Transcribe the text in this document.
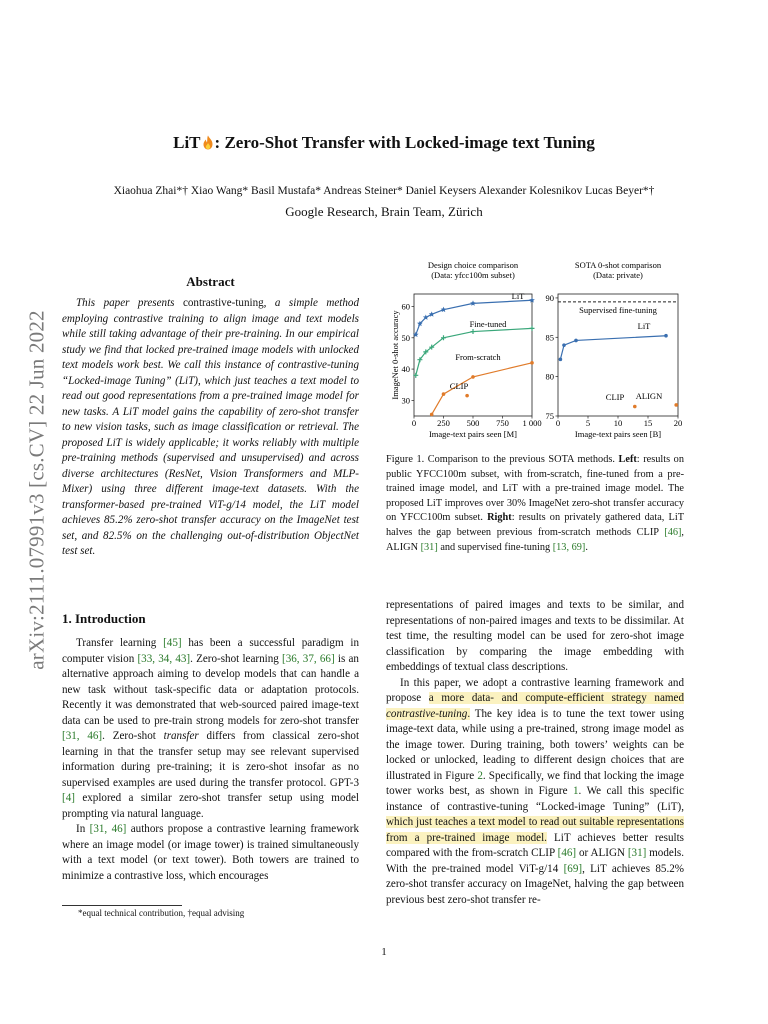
arXiv:2111.07991v3 [cs.CV] 22 Jun 2022
LiT : Zero-Shot Transfer with Locked-image text Tuning
Xiaohua Zhai*† Xiao Wang* Basil Mustafa* Andreas Steiner* Daniel Keysers Alexander Kolesnikov Lucas Beyer*†
Google Research, Brain Team, Zürich
Abstract

This paper presents contrastive-tuning, a simple method employing contrastive training to align image and text models while still taking advantage of their pre-training. In our empirical study we find that locked pre-trained image models with unlocked text models work best. We call this instance of contrastive-tuning “Locked-image Tuning” (LiT), which just teaches a text model to read out good representations from a pre-trained image model for new tasks. A LiT model gains the capability of zero-shot transfer to new vision tasks, such as image classification or retrieval. The proposed LiT is widely applicable; it works reliably with multiple pre-training methods (supervised and unsupervised) and across diverse architectures (ResNet, Vision Transformers and MLP-Mixer) using three different image-text datasets. With the transformer-based pre-trained ViT-g/14 model, the LiT model achieves 85.2% zero-shot transfer accuracy on the ImageNet test set, and 82.5% on the challenging out-of-distribution ObjectNet test set.

1. Introduction

Transfer learning [45] has been a successful paradigm in computer vision [33, 34, 43]. Zero-shot learning [36, 37, 66] is an alternative approach aiming to develop models that can handle a new task without task-specific data or adaptation protocols. Recently it was demonstrated that web-sourced paired image-text data can be used to pre-train strong models for zero-shot transfer [31, 46]. Zero-shot transfer differs from classical zero-shot learning in that the transfer setup may see relevant supervised information during pre-training; it is zero-shot insofar as no supervised examples are used during the transfer protocol. GPT-3 [4] explored a similar zero-shot transfer setup using model prompting via natural language.

In [31, 46] authors propose a contrastive learning framework where an image model (or image tower) is trained simultaneously with a text model (or text tower). Both towers are trained to minimize a contrastive loss, which encourages

*equal technical contribution, †equal advising
Design choice comparison
(Data: yfcc100m subset)
0 250 500 750 1 000
30
40
50
60
Image-text pairs seen [M]
ImageNet 0-shot accuracy
LiT
Fine-tuned
From-scratch
CLIP
SOTA 0-shot comparison
(Data: private)
0	5	10	15	20
75
80
85
90
Image-text pairs seen [B]
Supervised fine-tuning
LiT
CLIP ALIGN

Figure 1. Comparison to the previous SOTA methods. Left: results on public YFCC100m subset, with from-scratch, fine-tuned from a pre-trained image model, and LiT with a pre-trained image model. The proposed LiT improves over 30% ImageNet zero-shot transfer accuracy on YFCC100m subset. Right: results on privately gathered data, LiT halves the gap between previous from-scratch methods CLIP [46], ALIGN [31] and supervised fine-tuning [13, 69].

representations of paired images and texts to be similar, and representations of non-paired images and texts to be dissimilar. At test time, the resulting model can be used for zero-shot image classification by comparing the image embedding with embeddings of textual class descriptions.

In this paper, we adopt a contrastive learning framework and propose a more data- and compute-efficient strategy named contrastive-tuning. The key idea is to tune the text tower using image-text data, while using a pre-trained, strong image model as the image tower. During training, both towers’ weights can be locked or unlocked, leading to different design choices that are illustrated in Figure 2. Specifically, we find that locking the image tower works best, as shown in Figure 1. We call this specific instance of contrastive-tuning “Locked-image Tuning” (LiT), which just teaches a text model to read out suitable representations from a pre-trained image model. LiT achieves better results compared with the from-scratch CLIP [46] or ALIGN [31] models. With the pre-trained model ViT-g/14 [69], LiT achieves 85.2% zero-shot transfer accuracy on ImageNet, halving the gap between previous best zero-shot transfer re-

1
